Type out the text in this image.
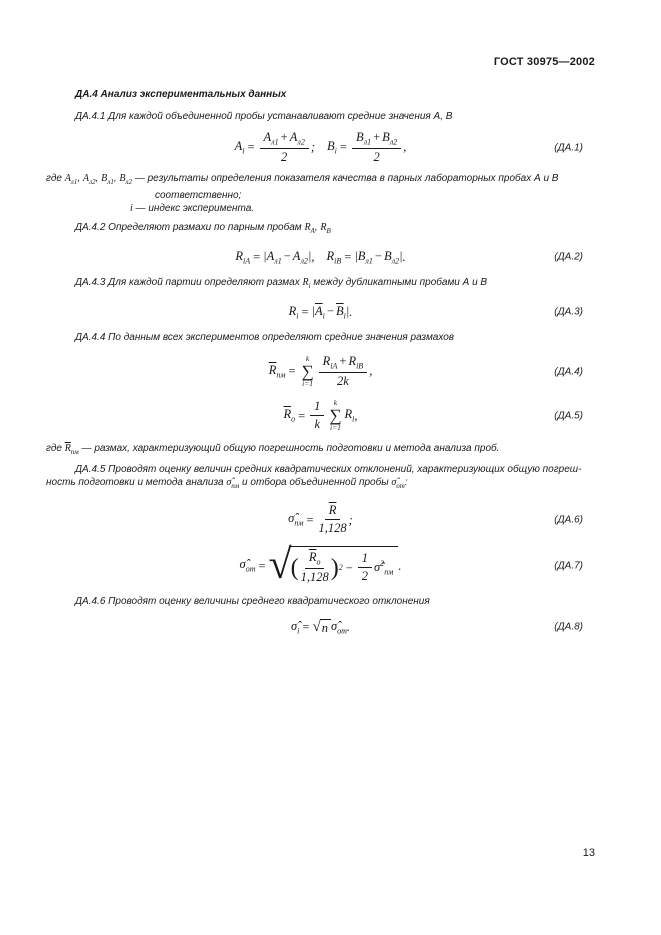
ГОСТ 30975—2002

ДА.4 Анализ экспериментальных данных

ДА.4.1 Для каждой объединенной пробы устанавливают средние значения А, В

$А_i = \frac{А_{л1} + А_{л2}}{2}$ ; $В_i = \frac{В_{л1} + В_{л2}}{2}$ ,	(ДА.1)

где $А_{л1}$, $А_{л2}$, $В_{л1}$, $В_{л2}$ — результаты определения показателя качества в парных лабораторных пробах А и В

соответственно;

i — индекс эксперимента.

ДА.4.2 Определяют размахи по парным пробам $R_А$, $R_В$

$R_{iА} = |А_{л1} - А_{л2}|$ , $R_{iВ} = |В_{л1} - В_{л2}|$ .	(ДА.2)

ДА.4.3 Для каждой партии определяют размах $R_i$ между дубликатными пробами А и В

$R_i = |А_i - В_i|$ .	(ДА.3)

ДА.4.4 По данным всех экспериментов определяют средние значения размахов

$\overline{R}_{пм}$ =
k
∑
$i=1 \frac{R_{iА} + R_{iВ}}{2k}$ ,	(ДА.4)
$\overline{R}_о = \frac{1}{k}$ k
∑
i=1
$R_i$ ,	(ДА.5)

где $\overline{R}_{пм}$ — размах, характеризующий общую погрешность подготовки и метода анализа проб.

ДА.4.5 Проводят оценку величин средних квадратических отклонений, характеризующих общую погреш-

ность подготовки и метода анализа $\sigmâ_{пм}$ и отбора объединенной пробы $\sigmâ_{от}$:

$\sigmâ_{пм} = \frac{\overline{R}}{1,128}$ ;	(ДА.6)
$\sigmâ_{от}$ = √ ( $\frac{\overline{R}_о}{1,128} )^2 - \frac{1}{2}$ σ̂$^2_{пм}$ .	(ДА.7)

ДА.4.6 Проводят оценку величины среднего квадратического отклонения

$\sigmâ_i$ = √ n $\sigmâ_{от}$ .	(ДА.8)
13
